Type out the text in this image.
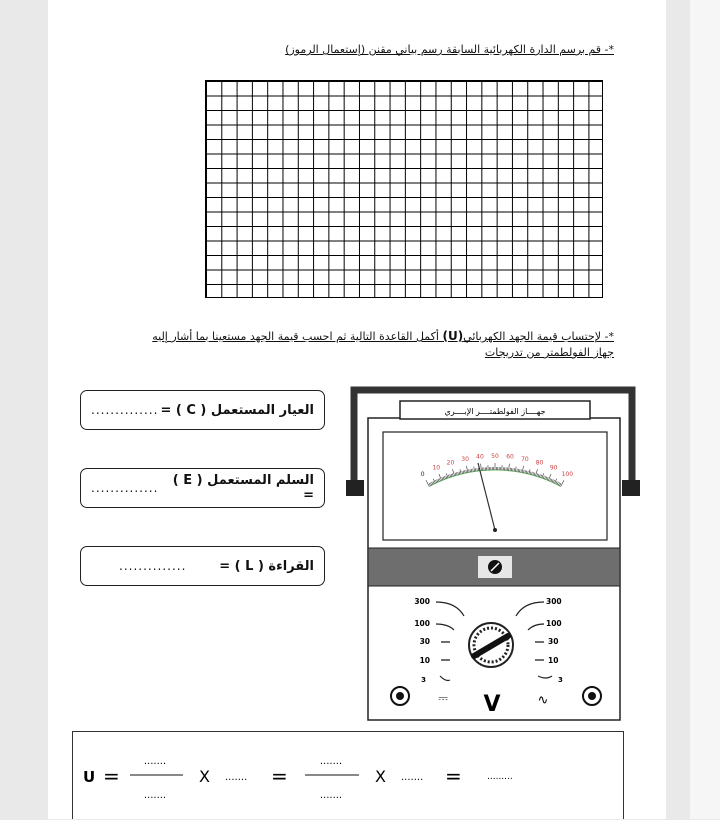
*- قم برسم الدارة الكهربائية السابقة رسم بياني مقنن (إستعمال الرموز)
*- لإحتساب قيمة الجهد الكهربائي(U) أكمل القاعدة التالية ثم احسب قيمة الجهد مستعينا بما أشار إليه
جهاز الفولطمتر من تدريجات
.............. العيار المستعمل ( C ) =
..............	السلم المستعمل ( E ) =
..............	القراءة ( L ) =
جهــــاز الفولطمتــــر الإبــــري
0
10
20
30 40 50 60 70
80
90
100
300
100
30
10
3
300
100
30
10
3
⎓ V	∿
U =
.......
.......
X ....... =
.......
.......
X ....... =	.........
